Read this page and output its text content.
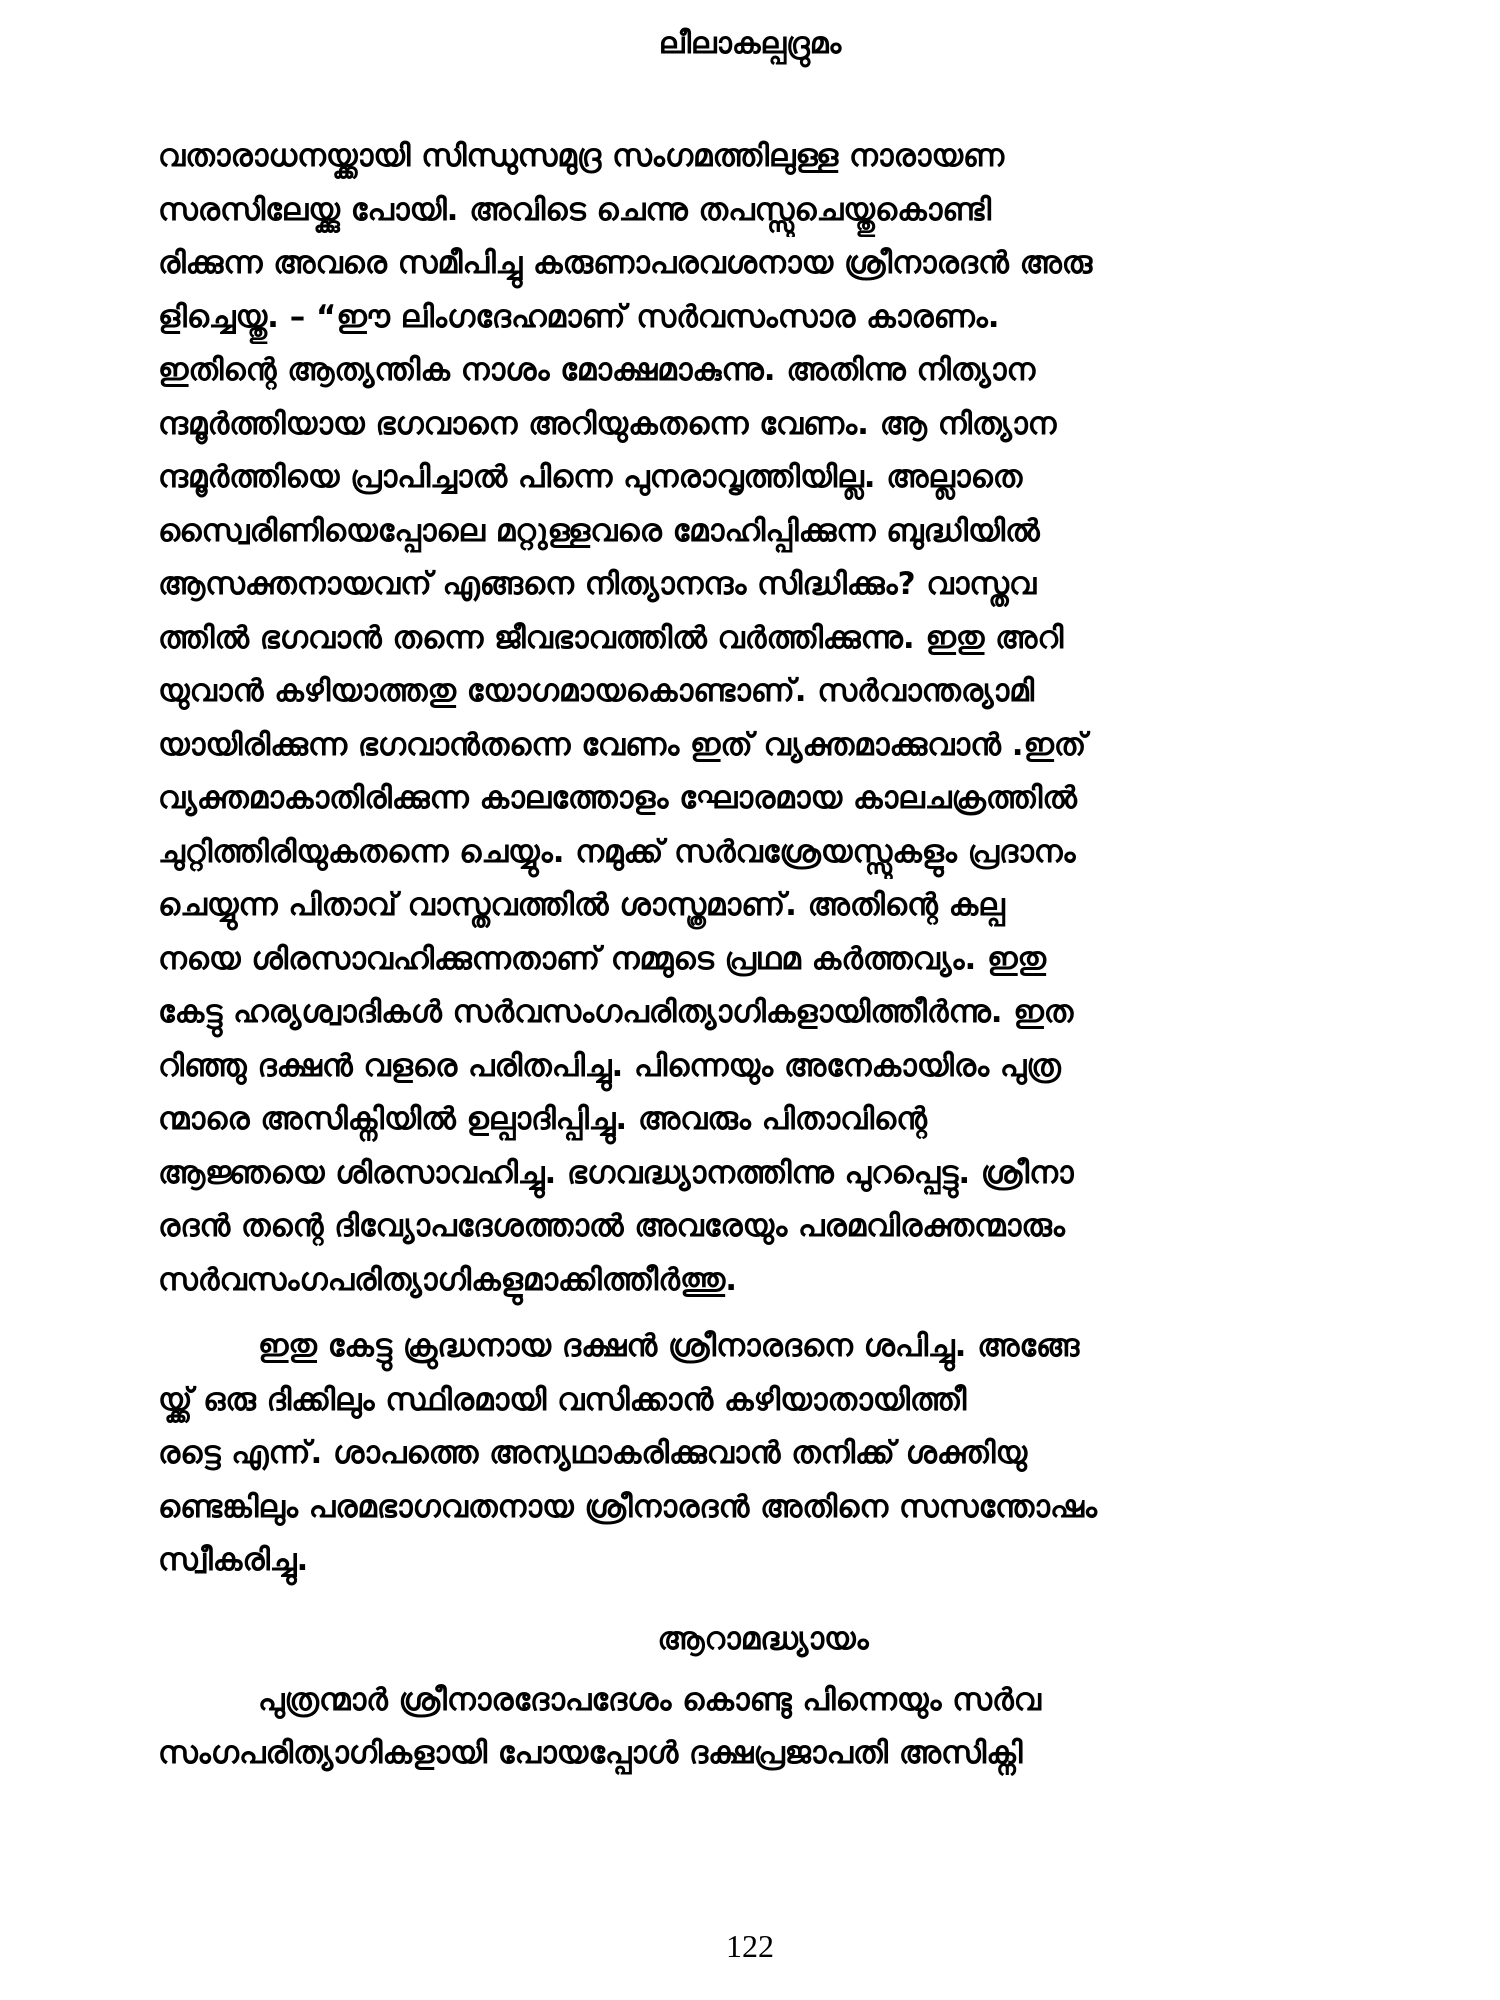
ലീലാകല്പദ്രുമം
വതാരാധനയ്ക്കായി സിന്ധുസമുദ്ര സംഗമത്തിലുള്ള നാരായണ
സരസിലേയ്ക്കു പോയി. അവിടെ ചെന്നു തപസ്സുചെയ്തുകൊണ്ടി
രിക്കുന്ന അവരെ സമീപിച്ചു കരുണാപരവശനായ ശ്രീനാരദൻ അരു
ളിച്ചെയ്തു. – “ഈ ലിംഗദേഹമാണ് സർവസംസാര കാരണം.
ഇതിന്റെ ആത്യന്തിക നാശം മോക്ഷമാകുന്നു. അതിന്നു നിത്യാന
ന്ദമൂർത്തിയായ ഭഗവാനെ അറിയുകതന്നെ വേണം. ആ നിത്യാന
ന്ദമൂർത്തിയെ പ്രാപിച്ചാൽ പിന്നെ പുനരാവൃത്തിയില്ല. അല്ലാതെ
സ്വൈരിണിയെപ്പോലെ മറ്റുള്ളവരെ മോഹിപ്പിക്കുന്ന ബുദ്ധിയിൽ
ആസക്തനായവന് എങ്ങനെ നിത്യാനന്ദം സിദ്ധിക്കും? വാസ്തവ
ത്തിൽ ഭഗവാൻ തന്നെ ജീവഭാവത്തിൽ വർത്തിക്കുന്നു. ഇതു അറി
യുവാൻ കഴിയാത്തതു യോഗമായകൊണ്ടാണ്. സർവാന്തര്യാമി
യായിരിക്കുന്ന ഭഗവാൻതന്നെ വേണം ഇത് വ്യക്തമാക്കുവാൻ .ഇത്
വ്യക്തമാകാതിരിക്കുന്ന കാലത്തോളം ഘോരമായ കാലചക്രത്തിൽ
ചുറ്റിത്തിരിയുകതന്നെ ചെയ്യും. നമുക്ക് സർവശ്രേയസ്സുകളും പ്രദാനം
ചെയ്യുന്ന പിതാവ് വാസ്തവത്തിൽ ശാസ്ത്രമാണ്. അതിന്റെ കല്പ
നയെ ശിരസാവഹിക്കുന്നതാണ് നമ്മുടെ പ്രഥമ കർത്തവ്യം. ഇതു
കേട്ടു ഹര്യശ്വാദികൾ സർവസംഗപരിത്യാഗികളായിത്തീർന്നു. ഇത
റിഞ്ഞു ദക്ഷൻ വളരെ പരിതപിച്ചു. പിന്നെയും അനേകായിരം പുത്ര
ന്മാരെ അസിക്നിയിൽ ഉല്പാദിപ്പിച്ചു. അവരും പിതാവിന്റെ
ആജ്ഞയെ ശിരസാവഹിച്ചു. ഭഗവദ്ധ്യാനത്തിന്നു പുറപ്പെട്ടു. ശ്രീനാ
രദൻ തന്റെ ദിവ്യോപദേശത്താൽ അവരേയും പരമവിരക്തന്മാരും
സർവസംഗപരിത്യാഗികളുമാക്കിത്തീർത്തു.
ഇതു കേട്ടു ക്രുദ്ധനായ ദക്ഷൻ ശ്രീനാരദനെ ശപിച്ചു. അങ്ങേ
യ്ക്ക് ഒരു ദിക്കിലും സ്ഥിരമായി വസിക്കാൻ കഴിയാതായിത്തീ
രട്ടെ എന്ന്. ശാപത്തെ അന്യഥാകരിക്കുവാൻ തനിക്ക് ശക്തിയു
ണ്ടെങ്കിലും പരമഭാഗവതനായ ശ്രീനാരദൻ അതിനെ സസന്തോഷം
സ്വീകരിച്ചു.
ആറാമദ്ധ്യായം
പുത്രന്മാർ ശ്രീനാരദോപദേശം കൊണ്ടു പിന്നെയും സർവ
സംഗപരിത്യാഗികളായി പോയപ്പോൾ ദക്ഷപ്രജാപതി അസിക്നി
122
